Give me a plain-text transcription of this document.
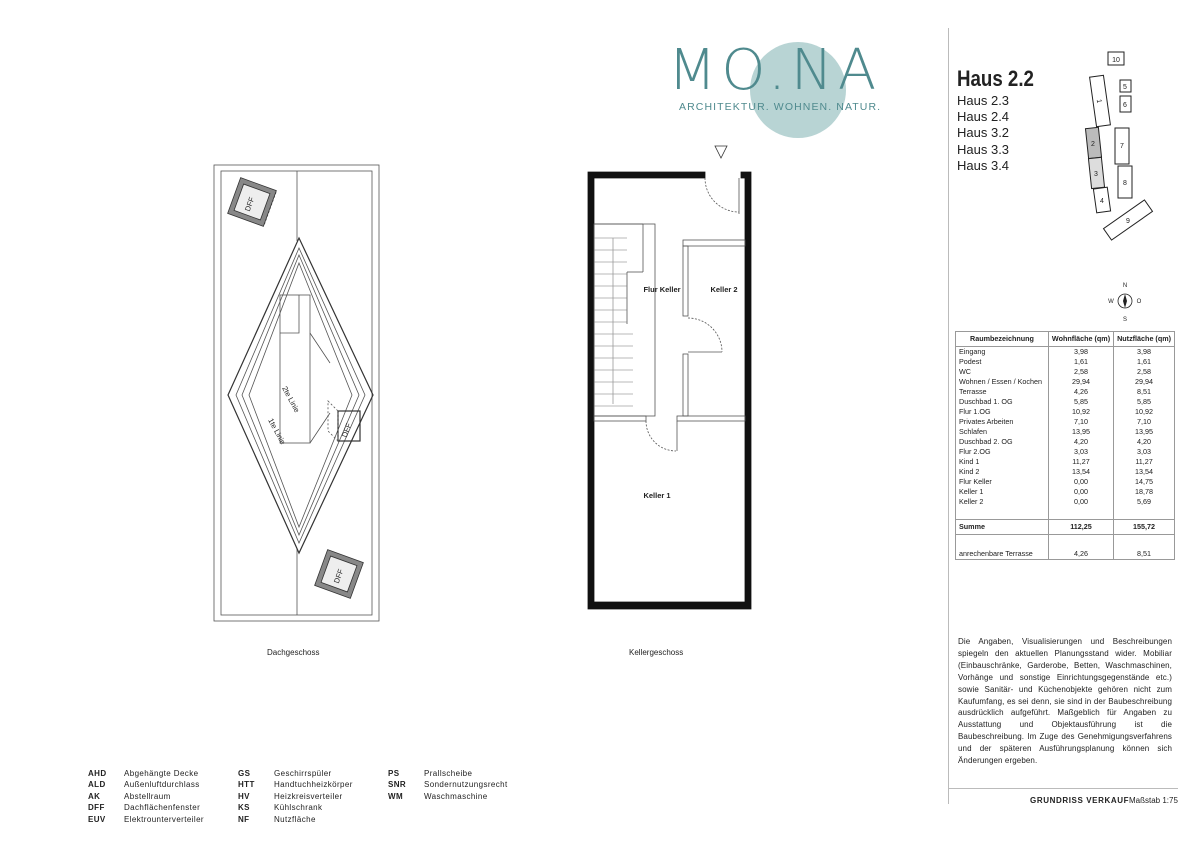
MO.NA
ARCHITEKTUR. WOHNEN. NATUR.
Haus 2.2
Haus 2.3
Haus 2.4
Haus 3.2
Haus 3.3
Haus 3.4
10
1
5
6
2	7
3
8
4
9
N
S
W	O
Raumbezeichnung	Wohnfläche (qm)	Nutzfläche (qm)
Eingang	3,98	3,98
Podest	1,61	1,61
WC	2,58	2,58
Wohnen / Essen / Kochen	29,94	29,94
Terrasse	4,26	8,51
Duschbad 1. OG	5,85	5,85
Flur 1.OG	10,92	10,92
Privates Arbeiten	7,10	7,10
Schlafen	13,95	13,95
Duschbad 2. OG	4,20	4,20
Flur 2.OG	3,03	3,03
Kind 1	11,27	11,27
Kind 2	13,54	13,54
Flur Keller	0,00	14,75
Keller 1	0,00	18,78
Keller 2	0,00	5,69

Summe	112,25	155,72

anrechenbare Terrasse	4,26	8,51
Die Angaben, Visualisierungen und Beschreibungen spiegeln den aktuellen Planungsstand wider. Mobiliar (Einbauschränke, Garderobe, Betten, Waschmaschinen, Vorhänge und sonstige Einrichtungsgegenstände etc.) sowie Sanitär- und Küchenobjekte gehören nicht zum Kaufumfang, es sei denn, sie sind in der Baubeschreibung ausdrücklich aufgeführt. Maßgeblich für Angaben zu Ausstattung und Objektausführung ist die Baubeschreibung. Im Zuge des Genehmigungsverfahrens und der späteren Ausführungsplanung können sich Änderungen ergeben.
GRUNDRISS VERKAUF Maßstab 1:75
DFF
DFF
DFF
1te Linie
2te Linie
Dachgeschoss
Flur Keller	Keller 2
Keller 1
Kellergeschoss
AHD	Abgehängte Decke
ALD	Außenluftdurchlass
AK	Abstellraum
DFF	Dachflächenfenster
EUV	Elektrounterverteiler
GS	Geschirrspüler
HTT	Handtuchheizkörper
HV	Heizkreisverteiler
KS	Kühlschrank
NF	Nutzfläche
PS	Prallscheibe
SNR	Sondernutzungsrecht
WM	Waschmaschine
